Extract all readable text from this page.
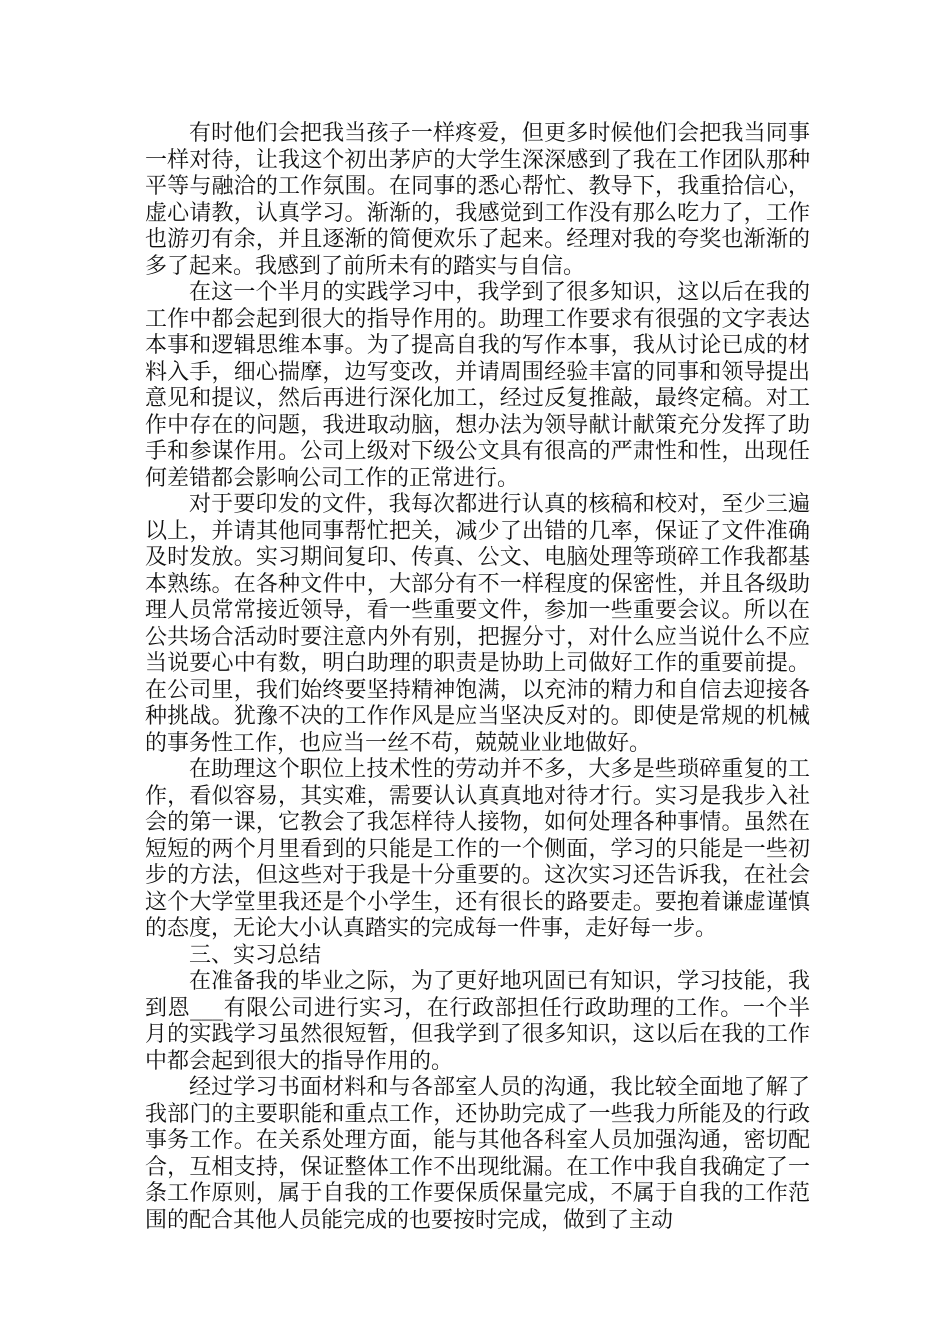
有时他们会把我当孩子一样疼爱，但更多时候他们会把我当同事一样对待，让我这个初出茅庐的大学生深深感到了我在工作团队那种平等与融洽的工作氛围。在同事的悉心帮忙、教导下，我重拾信心，虚心请教，认真学习。渐渐的，我感觉到工作没有那么吃力了，工作也游刃有余，并且逐渐的简便欢乐了起来。经理对我的夸奖也渐渐的多了起来。我感到了前所未有的踏实与自信。

在这一个半月的实践学习中，我学到了很多知识，这以后在我的工作中都会起到很大的指导作用的。助理工作要求有很强的文字表达本事和逻辑思维本事。为了提高自我的写作本事，我从讨论已成的材料入手，细心揣摩，边写变改，并请周围经验丰富的同事和领导提出意见和提议，然后再进行深化加工，经过反复推敲，最终定稿。对工作中存在的问题，我进取动脑，想办法为领导献计献策充分发挥了助手和参谋作用。公司上级对下级公文具有很高的严肃性和性，出现任何差错都会影响公司工作的正常进行。

对于要印发的文件，我每次都进行认真的核稿和校对，至少三遍以上，并请其他同事帮忙把关，减少了出错的几率，保证了文件准确及时发放。实习期间复印、传真、公文、电脑处理等琐碎工作我都基本熟练。在各种文件中，大部分有不一样程度的保密性，并且各级助理人员常常接近领导，看一些重要文件，参加一些重要会议。所以在公共场合活动时要注意内外有别，把握分寸，对什么应当说什么不应当说要心中有数，明白助理的职责是协助上司做好工作的重要前提。在公司里，我们始终要坚持精神饱满，以充沛的精力和自信去迎接各种挑战。犹豫不决的工作作风是应当坚决反对的。即使是常规的机械的事务性工作，也应当一丝不苟，兢兢业业地做好。

在助理这个职位上技术性的劳动并不多，大多是些琐碎重复的工作，看似容易，其实难，需要认认真真地对待才行。实习是我步入社会的第一课，它教会了我怎样待人接物，如何处理各种事情。虽然在短短的两个月里看到的只能是工作的一个侧面，学习的只能是一些初步的方法，但这些对于我是十分重要的。这次实习还告诉我，在社会这个大学堂里我还是个小学生，还有很长的路要走。要抱着谦虚谨慎的态度，无论大小认真踏实的完成每一件事，走好每一步。

三、实习总结

在准备我的毕业之际，为了更好地巩固已有知识，学习技能，我到恩___有限公司进行实习，在行政部担任行政助理的工作。一个半月的实践学习虽然很短暂，但我学到了很多知识，这以后在我的工作中都会起到很大的指导作用的。

经过学习书面材料和与各部室人员的沟通，我比较全面地了解了我部门的主要职能和重点工作，还协助完成了一些我力所能及的行政事务工作。在关系处理方面，能与其他各科室人员加强沟通，密切配合，互相支持，保证整体工作不出现纰漏。在工作中我自我确定了一条工作原则，属于自我的工作要保质保量完成，不属于自我的工作范围的配合其他人员能完成的也要按时完成，做到了主动
